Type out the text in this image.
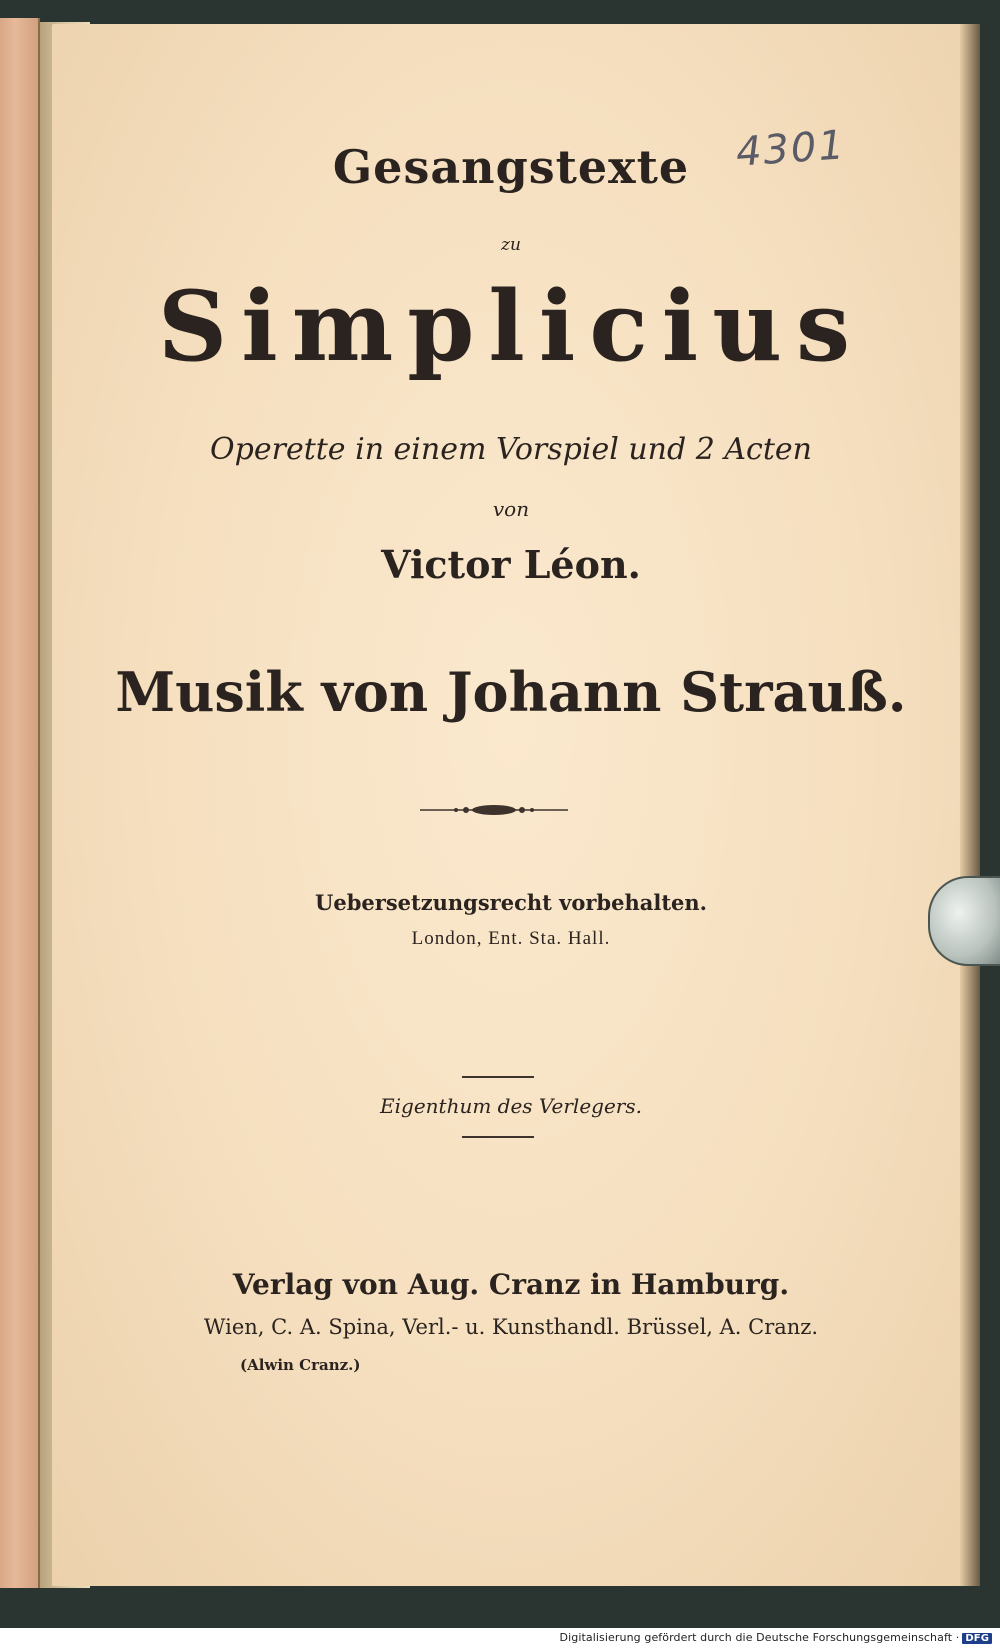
4301
Gesangstexte
zu
Simplicius
Operette in einem Vorspiel und 2 Acten
von
Victor Léon.
Musik von Johann Strauß.
Uebersetzungsrecht vorbehalten.
London, Ent. Sta. Hall.
Eigenthum des Verlegers.
Verlag von Aug. Cranz in Hamburg.
Wien, C. A. Spina, Verl.- u. Kunsthandl. Brüssel, A. Cranz.
(Alwin Cranz.)
Digitalisierung gefördert durch die Deutsche Forschungsgemeinschaft · DFG
